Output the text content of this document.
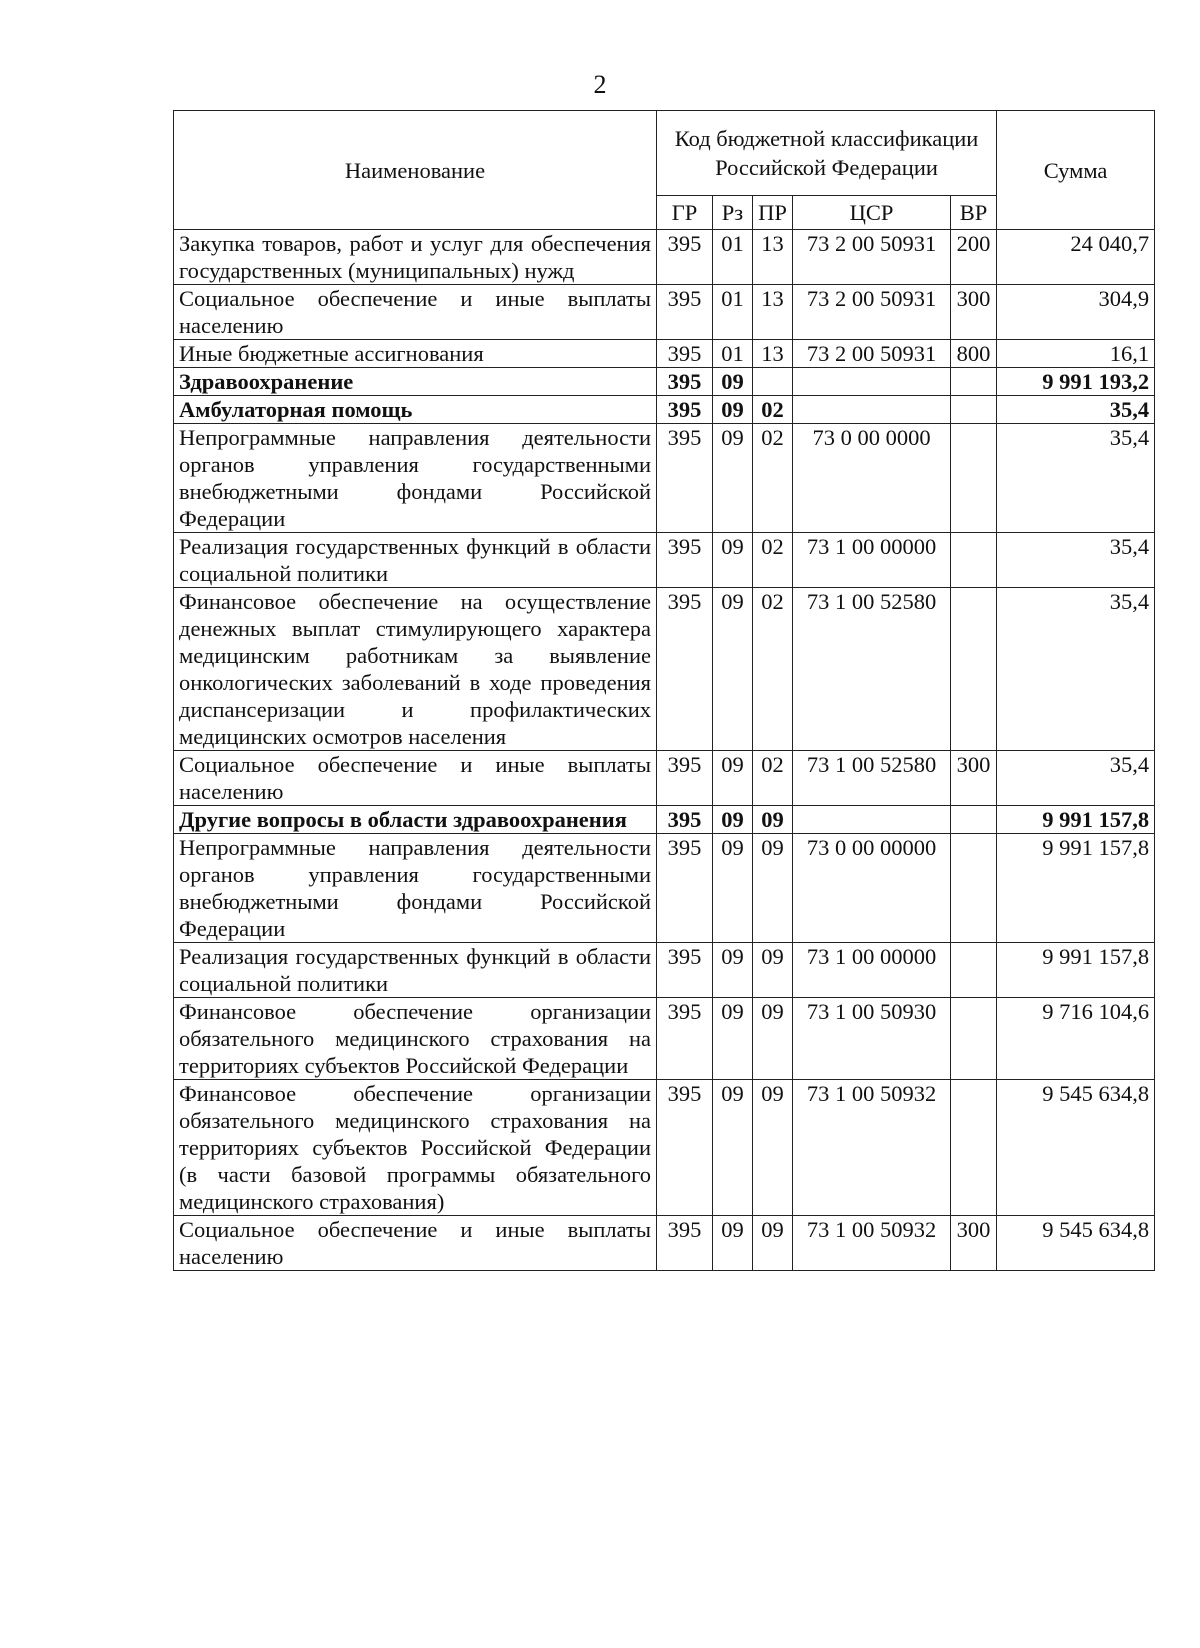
2
Наименование	Код бюджетной классификации Российской Федерации					Сумма
	ГР	Рз	ПР	ЦСР	ВР	
Закупка товаров, работ и услуг для обеспечения государственных (муниципальных) нужд	395	01	13	73 2 00 50931	200	24 040,7
Социальное обеспечение и иные выплаты населению	395	01	13	73 2 00 50931	300	304,9
Иные бюджетные ассигнования	395	01	13	73 2 00 50931	800	16,1
Здравоохранение	395	09				9 991 193,2
Амбулаторная помощь	395	09	02			35,4
Непрограммные направления деятельности органов управления государственными внебюджетными фондами Российской Федерации	395	09	02	73 0 00 0000		35,4
Реализация государственных функций в области социальной политики	395	09	02	73 1 00 00000		35,4
Финансовое обеспечение на осуществление денежных выплат стимулирующего характера медицинским работникам за выявление онкологических заболеваний в ходе проведения диспансеризации и профилактических медицинских осмотров населения	395	09	02	73 1 00 52580		35,4
Социальное обеспечение и иные выплаты населению	395	09	02	73 1 00 52580	300	35,4
Другие вопросы в области здравоохранения	395	09	09			9 991 157,8
Непрограммные направления деятельности органов управления государственными внебюджетными фондами Российской Федерации	395	09	09	73 0 00 00000		9 991 157,8
Реализация государственных функций в области социальной политики	395	09	09	73 1 00 00000		9 991 157,8
Финансовое обеспечение организации обязательного медицинского страхования на территориях субъектов Российской Федерации	395	09	09	73 1 00 50930		9 716 104,6
Финансовое обеспечение организации обязательного медицинского страхования на территориях субъектов Российской Федерации (в части базовой программы обязательного медицинского страхования)	395	09	09	73 1 00 50932		9 545 634,8
Социальное обеспечение и иные выплаты населению	395	09	09	73 1 00 50932	300	9 545 634,8
